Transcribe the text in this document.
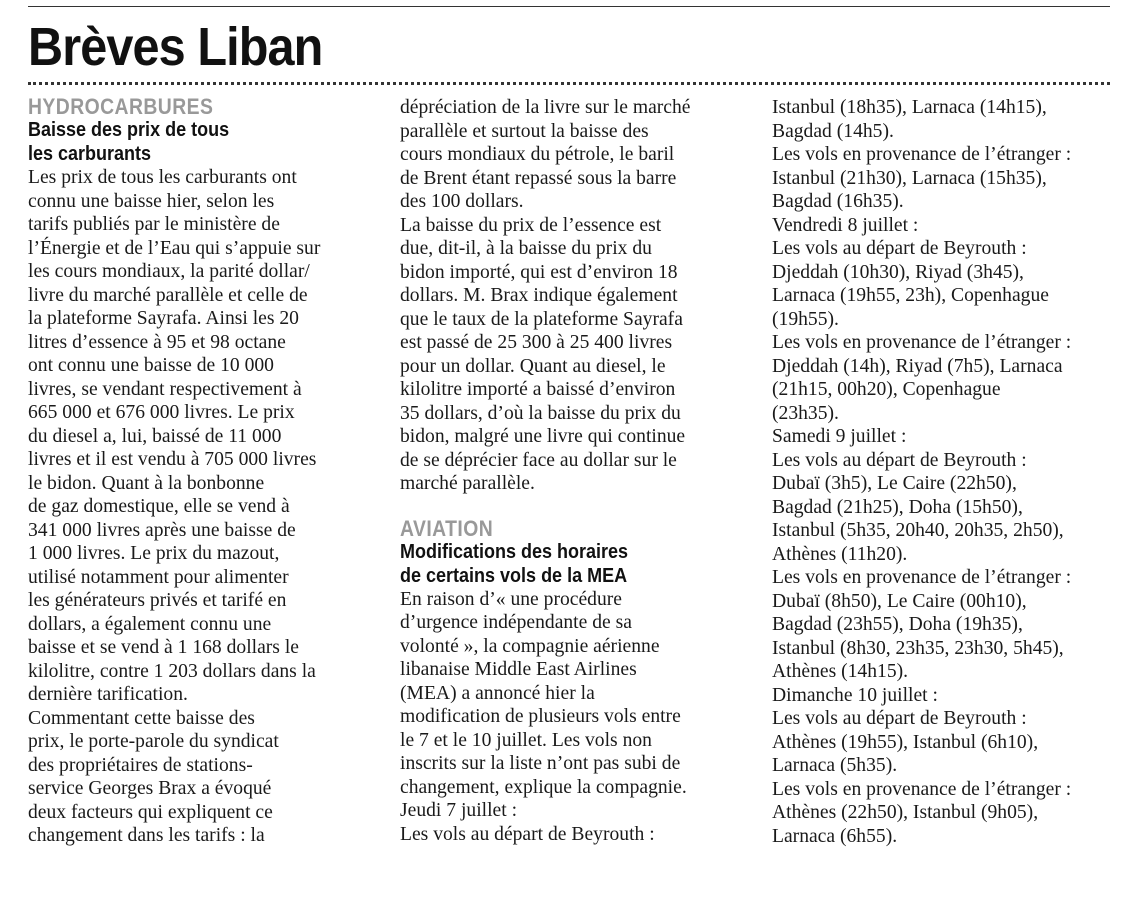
Brèves Liban
HYDROCARBURES
Baisse des prix de tous
les carburants
Les prix de tous les carburants ont
connu une baisse hier, selon les
tarifs publiés par le ministère de
l’Énergie et de l’Eau qui s’appuie sur
les cours mondiaux, la parité dollar/
livre du marché parallèle et celle de
la plateforme Sayrafa. Ainsi les 20
litres d’essence à 95 et 98 octane
ont connu une baisse de 10 000
livres, se vendant respectivement à
665 000 et 676 000 livres. Le prix
du diesel a, lui, baissé de 11 000
livres et il est vendu à 705 000 livres
le bidon. Quant à la bonbonne
de gaz domestique, elle se vend à
341 000 livres après une baisse de
1 000 livres. Le prix du mazout,
utilisé notamment pour alimenter
les générateurs privés et tarifé en
dollars, a également connu une
baisse et se vend à 1 168 dollars le
kilolitre, contre 1 203 dollars dans la
dernière tarification.
Commentant cette baisse des
prix, le porte-parole du syndicat
des propriétaires de stations-
service Georges Brax a évoqué
deux facteurs qui expliquent ce
changement dans les tarifs : la
dépréciation de la livre sur le marché
parallèle et surtout la baisse des
cours mondiaux du pétrole, le baril
de Brent étant repassé sous la barre
des 100 dollars.
La baisse du prix de l’essence est
due, dit-il, à la baisse du prix du
bidon importé, qui est d’environ 18
dollars. M. Brax indique également
que le taux de la plateforme Sayrafa
est passé de 25 300 à 25 400 livres
pour un dollar. Quant au diesel, le
kilolitre importé a baissé d’environ
35 dollars, d’où la baisse du prix du
bidon, malgré une livre qui continue
de se déprécier face au dollar sur le
marché parallèle.
AVIATION
Modifications des horaires
de certains vols de la MEA
En raison d’« une procédure
d’urgence indépendante de sa
volonté », la compagnie aérienne
libanaise Middle East Airlines
(MEA) a annoncé hier la
modification de plusieurs vols entre
le 7 et le 10 juillet. Les vols non
inscrits sur la liste n’ont pas subi de
changement, explique la compagnie.
Jeudi 7 juillet :
Les vols au départ de Beyrouth :
Istanbul (18h35), Larnaca (14h15),
Bagdad (14h5).
Les vols en provenance de l’étranger :
Istanbul (21h30), Larnaca (15h35),
Bagdad (16h35).
Vendredi 8 juillet :
Les vols au départ de Beyrouth :
Djeddah (10h30), Riyad (3h45),
Larnaca (19h55, 23h), Copenhague
(19h55).
Les vols en provenance de l’étranger :
Djeddah (14h), Riyad (7h5), Larnaca
(21h15, 00h20), Copenhague
(23h35).
Samedi 9 juillet :
Les vols au départ de Beyrouth :
Dubaï (3h5), Le Caire (22h50),
Bagdad (21h25), Doha (15h50),
Istanbul (5h35, 20h40, 20h35, 2h50),
Athènes (11h20).
Les vols en provenance de l’étranger :
Dubaï (8h50), Le Caire (00h10),
Bagdad (23h55), Doha (19h35),
Istanbul (8h30, 23h35, 23h30, 5h45),
Athènes (14h15).
Dimanche 10 juillet :
Les vols au départ de Beyrouth :
Athènes (19h55), Istanbul (6h10),
Larnaca (5h35).
Les vols en provenance de l’étranger :
Athènes (22h50), Istanbul (9h05),
Larnaca (6h55).
